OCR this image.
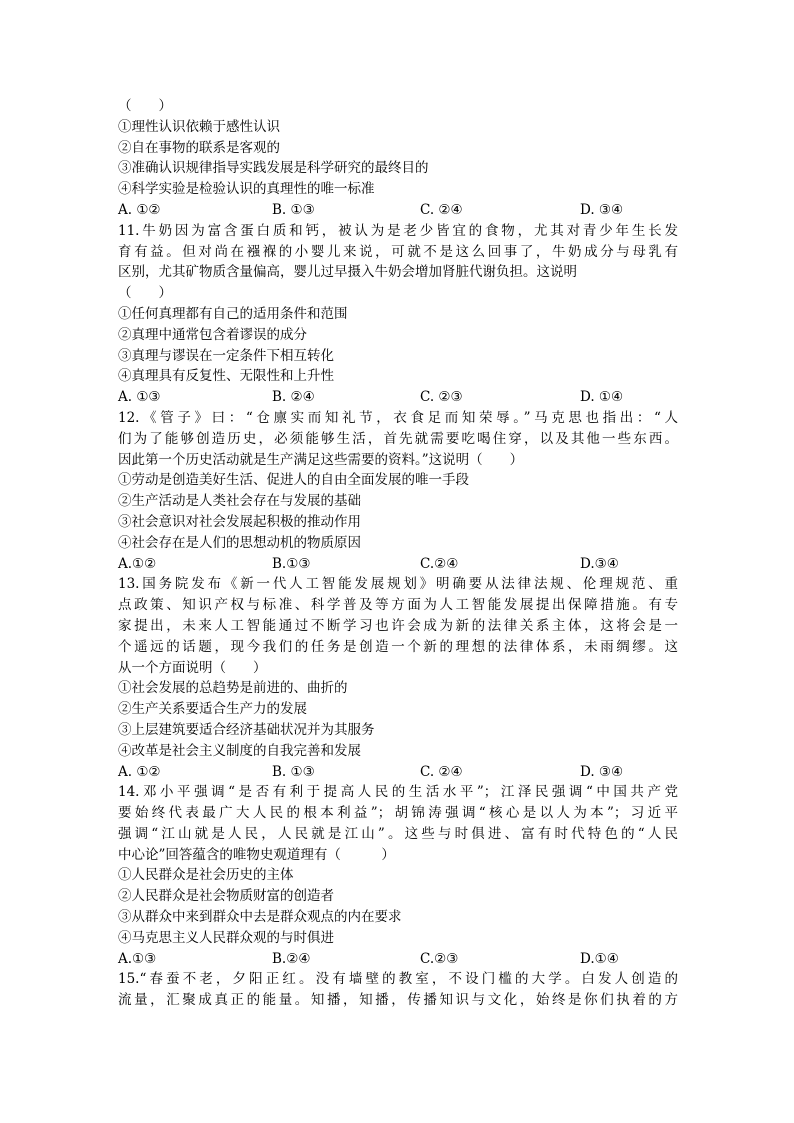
（　　）
①理性认识依赖于感性认识
②自在事物的联系是客观的
③准确认识规律指导实践发展是科学研究的最终目的
④科学实验是检验认识的真理性的唯一标准
A. ①②	B. ①③	C. ②④	D. ③④
11.牛奶因为富含蛋白质和钙，被认为是老少皆宜的食物，尤其对青少年生长发
育有益。但对尚在襁褓的小婴儿来说，可就不是这么回事了，牛奶成分与母乳有
区别，尤其矿物质含量偏高，婴儿过早摄入牛奶会增加肾脏代谢负担。这说明
（　　）
①任何真理都有自己的适用条件和范围
②真理中通常包含着谬误的成分
③真理与谬误在一定条件下相互转化
④真理具有反复性、无限性和上升性
A. ①③	B. ②④	C. ②③	D. ①④
12.《管子》曰：“仓廪实而知礼节，衣食足而知荣辱。”马克思也指出：“人
们为了能够创造历史，必须能够生活，首先就需要吃喝住穿，以及其他一些东西。
因此第一个历史活动就是生产满足这些需要的资料。”这说明（　　）
①劳动是创造美好生活、促进人的自由全面发展的唯一手段
②生产活动是人类社会存在与发展的基础
③社会意识对社会发展起积极的推动作用
④社会存在是人们的思想动机的物质原因
A.①②	B.①③	C.②④	D.③④
13.国务院发布《新一代人工智能发展规划》明确要从法律法规、伦理规范、重
点政策、知识产权与标准、科学普及等方面为人工智能发展提出保障措施。有专
家提出，未来人工智能通过不断学习也许会成为新的法律关系主体，这将会是一
个遥远的话题，现今我们的任务是创造一个新的理想的法律体系，未雨绸缪。这
从一个方面说明（　　）
①社会发展的总趋势是前进的、曲折的
②生产关系要适合生产力的发展
③上层建筑要适合经济基础状况并为其服务
④改革是社会主义制度的自我完善和发展
A. ①②	B. ①③	C. ②④	D. ③④
14.邓小平强调“是否有利于提高人民的生活水平”；江泽民强调“中国共产党
要始终代表最广大人民的根本利益”；胡锦涛强调“核心是以人为本”；习近平
强调“江山就是人民，人民就是江山”。这些与时俱进、富有时代特色的“人民
中心论”回答蕴含的唯物史观道理有（　　　）
①人民群众是社会历史的主体
②人民群众是社会物质财富的创造者
③从群众中来到群众中去是群众观点的内在要求
④马克思主义人民群众观的与时俱进
A.①③	B.②④	C.②③	D.①④
15.“春蚕不老，夕阳正红。没有墙壁的教室，不设门槛的大学。白发人创造的
流量，汇聚成真正的能量。知播，知播，传播知识与文化，始终是你们执着的方
